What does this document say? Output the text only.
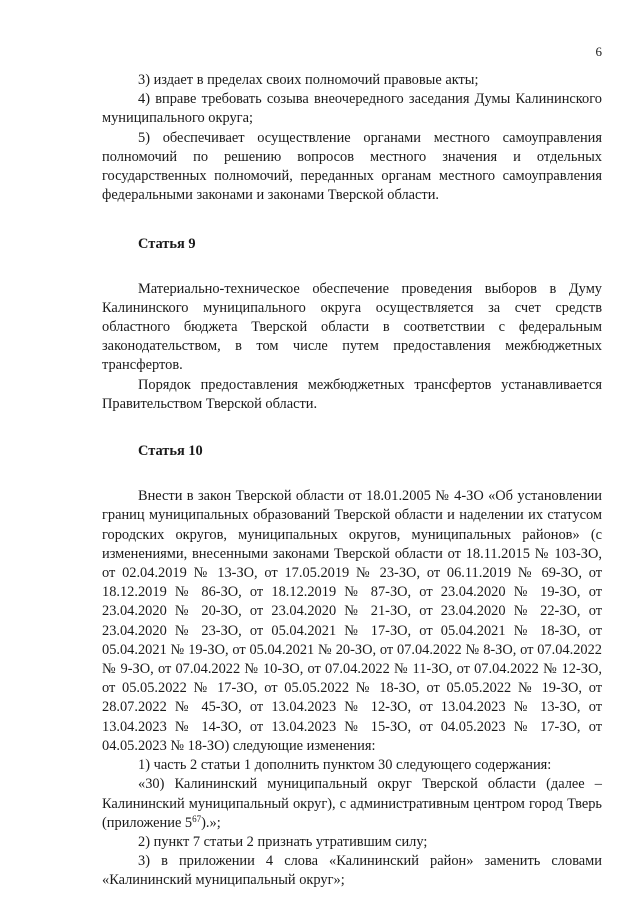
6

3) издает в пределах своих полномочий правовые акты;

4) вправе требовать созыва внеочередного заседания Думы Калининского муниципального округа;

5) обеспечивает осуществление органами местного самоуправления полномочий по решению вопросов местного значения и отдельных государственных полномочий, переданных органам местного самоуправления федеральными законами и законами Тверской области.

Статья 9

Материально-техническое обеспечение проведения выборов в Думу Калининского муниципального округа осуществляется за счет средств областного бюджета Тверской области в соответствии с федеральным законодательством, в том числе путем предоставления межбюджетных трансфертов.

Порядок предоставления межбюджетных трансфертов устанавливается Правительством Тверской области.

Статья 10

Внести в закон Тверской области от 18.01.2005 № 4-ЗО «Об установлении границ муниципальных образований Тверской области и наделении их статусом городских округов, муниципальных округов, муниципальных районов» (с изменениями, внесенными законами Тверской области от 18.11.2015 № 103-ЗО, от 02.04.2019 № 13-ЗО, от 17.05.2019 № 23-ЗО, от 06.11.2019 № 69-ЗО, от 18.12.2019 № 86-ЗО, от 18.12.2019 № 87-ЗО, от 23.04.2020 № 19-ЗО, от 23.04.2020 № 20-ЗО, от 23.04.2020 № 21-ЗО, от 23.04.2020 № 22-ЗО, от 23.04.2020 № 23-ЗО, от 05.04.2021 № 17-ЗО, от 05.04.2021 № 18-ЗО, от 05.04.2021 № 19-ЗО, от 05.04.2021 № 20-ЗО, от 07.04.2022 № 8-ЗО, от 07.04.2022 № 9-ЗО, от 07.04.2022 № 10-ЗО, от 07.04.2022 № 11-ЗО, от 07.04.2022 № 12-ЗО, от 05.05.2022 № 17-ЗО, от 05.05.2022 № 18-ЗО, от 05.05.2022 № 19-ЗО, от 28.07.2022 № 45-ЗО, от 13.04.2023 № 12-ЗО, от 13.04.2023 № 13-ЗО, от 13.04.2023 № 14-ЗО, от 13.04.2023 № 15-ЗО, от 04.05.2023 № 17-ЗО, от 04.05.2023 № 18-ЗО) следующие изменения:

1) часть 2 статьи 1 дополнить пунктом 30 следующего содержания:

«30) Калининский муниципальный округ Тверской области (далее – Калининский муниципальный округ), с административным центром город Тверь (приложение $5^{67}$).»;

2) пункт 7 статьи 2 признать утратившим силу;

3) в приложении 4 слова «Калининский район» заменить словами «Калининский муниципальный округ»;
